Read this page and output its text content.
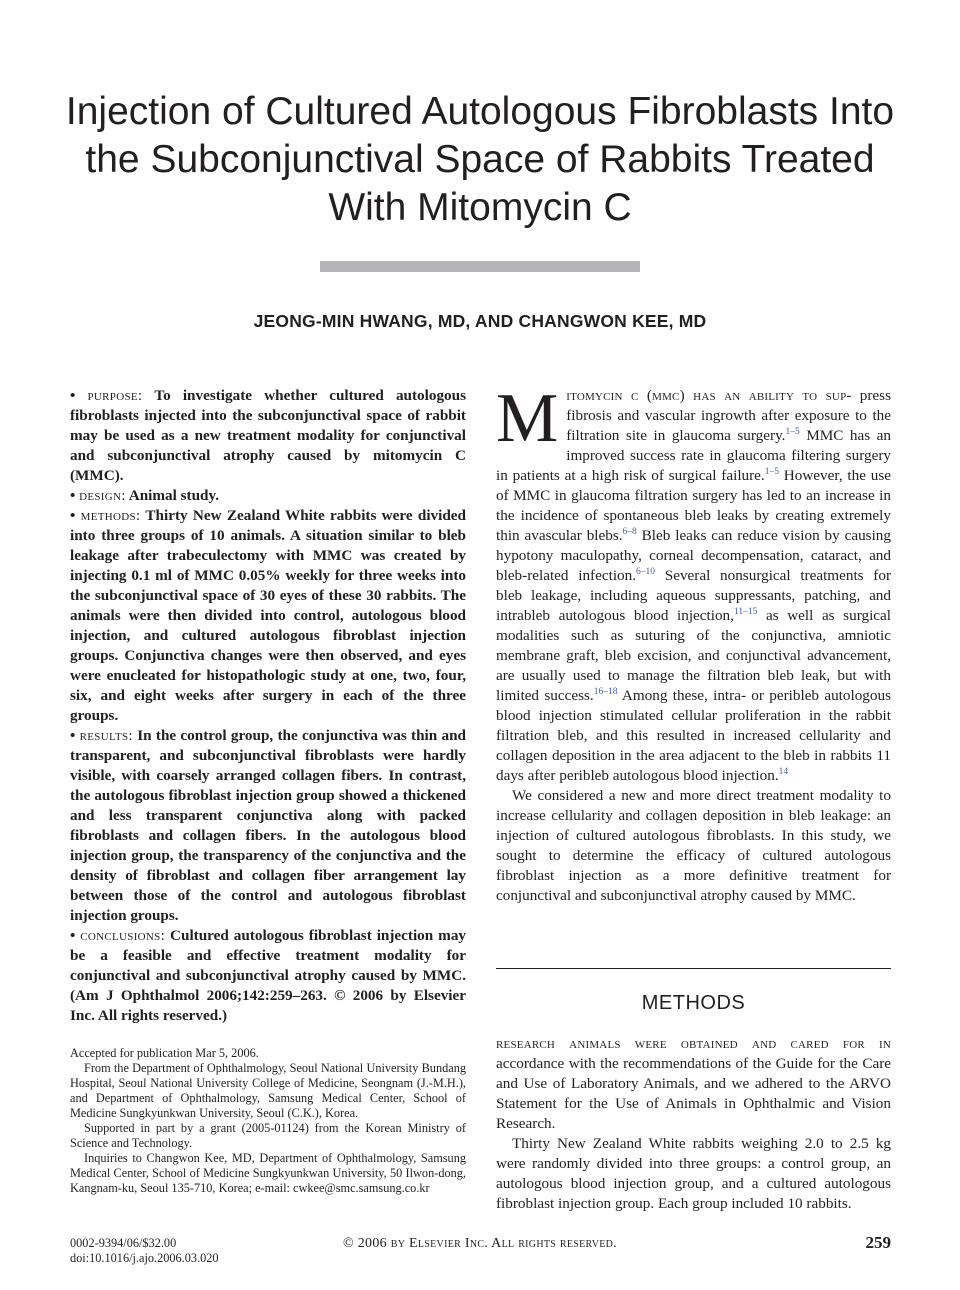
Injection of Cultured Autologous Fibroblasts Into the Subconjunctival Space of Rabbits Treated With Mitomycin C
JEONG-MIN HWANG, MD, AND CHANGWON KEE, MD

• purpose: To investigate whether cultured autologous fibroblasts injected into the subconjunctival space of rabbit may be used as a new treatment modality for conjunctival and subconjunctival atrophy caused by mitomycin C (MMC).

• design: Animal study.

• methods: Thirty New Zealand White rabbits were divided into three groups of 10 animals. A situation similar to bleb leakage after trabeculectomy with MMC was created by injecting 0.1 ml of MMC 0.05% weekly for three weeks into the subconjunctival space of 30 eyes of these 30 rabbits. The animals were then divided into control, autologous blood injection, and cultured autologous fibroblast injection groups. Conjunctiva changes were then observed, and eyes were enucleated for histopathologic study at one, two, four, six, and eight weeks after surgery in each of the three groups.

• results: In the control group, the conjunctiva was thin and transparent, and subconjunctival fibroblasts were hardly visible, with coarsely arranged collagen fibers. In contrast, the autologous fibroblast injection group showed a thickened and less transparent conjunctiva along with packed fibroblasts and collagen fibers. In the autologous blood injection group, the transparency of the conjunctiva and the density of fibroblast and collagen fiber arrangement lay between those of the control and autologous fibroblast injection groups.

• conclusions: Cultured autologous fibroblast injection may be a feasible and effective treatment modality for conjunctival and subconjunctival atrophy caused by MMC. (Am J Ophthalmol 2006;142:259–263. © 2006 by Elsevier Inc. All rights reserved.)

Accepted for publication Mar 5, 2006.

From the Department of Ophthalmology, Seoul National University Bundang Hospital, Seoul National University College of Medicine, Seongnam (J.-M.H.), and Department of Ophthalmology, Samsung Medical Center, School of Medicine Sungkyunkwan University, Seoul (C.K.), Korea.

Supported in part by a grant (2005-01124) from the Korean Ministry of Science and Technology.

Inquiries to Changwon Kee, MD, Department of Ophthalmology, Samsung Medical Center, School of Medicine Sungkyunkwan University, 50 Ilwon-dong, Kangnam-ku, Seoul 135-710, Korea; e-mail: cwkee@smc.samsung.co.kr

Mitomycin c (mmc) has an ability to sup- press fibrosis and vascular ingrowth after exposure to the filtration site in glaucoma surgery.$^{1-5}$ MMC has an improved success rate in glaucoma filtering surgery in patients at a high risk of surgical failure.$^{1-5}$ However, the use of MMC in glaucoma filtration surgery has led to an increase in the incidence of spontaneous bleb leaks by creating extremely thin avascular blebs.$^{6-8}$ Bleb leaks can reduce vision by causing hypotony maculopathy, corneal decompensation, cataract, and bleb-related infection.$^{6-10}$ Several nonsurgical treatments for bleb leakage, including aqueous suppressants, patching, and intrableb autologous blood injection,$^{11-15}$ as well as surgical modalities such as suturing of the conjunctiva, amniotic membrane graft, bleb excision, and conjunctival advancement, are usually used to manage the filtration bleb leak, but with limited success.$^{16-18}$ Among these, intra- or peribleb autologous blood injection stimulated cellular proliferation in the rabbit filtration bleb, and this resulted in increased cellularity and collagen deposition in the area adjacent to the bleb in rabbits 11 days after peribleb autologous blood injection.$^{14}$

We considered a new and more direct treatment modality to increase cellularity and collagen deposition in bleb leakage: an injection of cultured autologous fibroblasts. In this study, we sought to determine the efficacy of cultured autologous fibroblast injection as a more definitive treatment for conjunctival and subconjunctival atrophy caused by MMC.

METHODS

research animals were obtained and cared for in accordance with the recommendations of the Guide for the Care and Use of Laboratory Animals, and we adhered to the ARVO Statement for the Use of Animals in Ophthalmic and Vision Research.

Thirty New Zealand White rabbits weighing 2.0 to 2.5 kg were randomly divided into three groups: a control group, an autologous blood injection group, and a cultured autologous fibroblast injection group. Each group included 10 rabbits.

0002-9394/06/$32.00
doi:10.1016/j.ajo.2006.03.020
© 2006 by Elsevier Inc. All rights reserved.	259
